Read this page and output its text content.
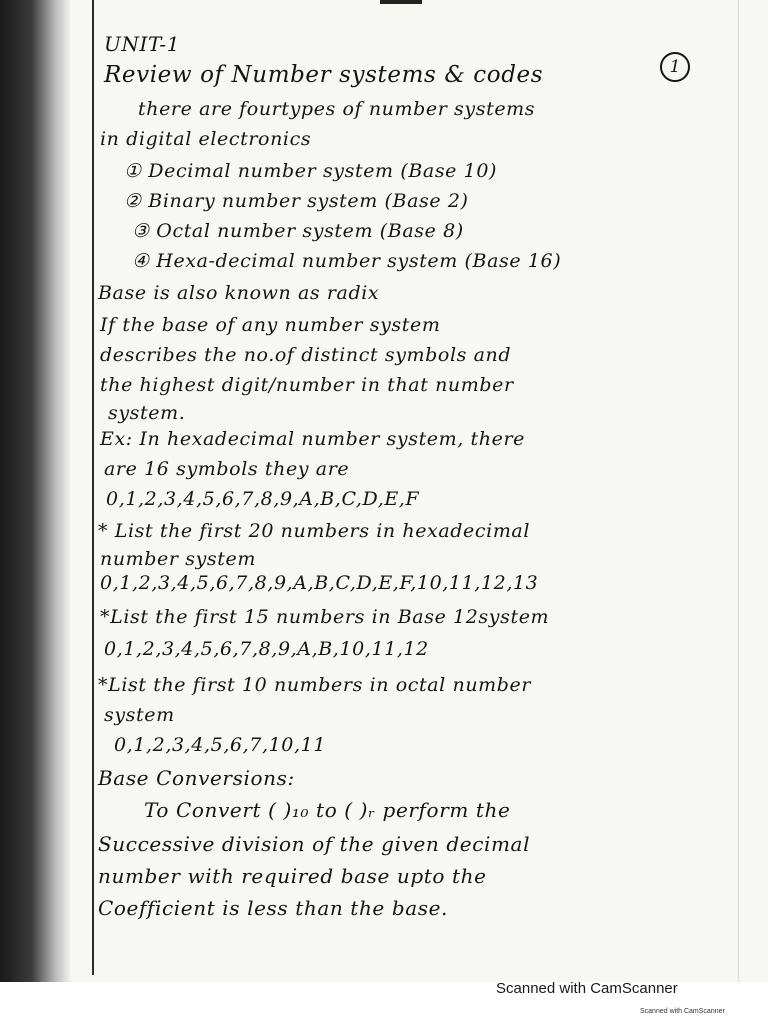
1
UNIT-1
Review of Number systems & codes
there are fourtypes of number systems
in digital electronics
① Decimal number system (Base 10)
② Binary number system (Base 2)
③ Octal number system (Base 8)
④ Hexa-decimal number system (Base 16)
Base is also known as radix
If the base of any number system
describes the no.of distinct symbols and
the highest digit/number in that number
system.
Ex: In hexadecimal number system, there
are 16 symbols they are
0,1,2,3,4,5,6,7,8,9,A,B,C,D,E,F
* List the first 20 numbers in hexadecimal
number system
0,1,2,3,4,5,6,7,8,9,A,B,C,D,E,F,10,11,12,13
*List the first 15 numbers in Base 12system
0,1,2,3,4,5,6,7,8,9,A,B,10,11,12
*List the first 10 numbers in octal number
system
0,1,2,3,4,5,6,7,10,11
Base Conversions:
To Convert ( )₁₀ to ( )ᵣ perform the
Successive division of the given decimal
number with required base upto the
Coefficient is less than the base.
Scanned with CamScanner
Scanned with CamScanner
